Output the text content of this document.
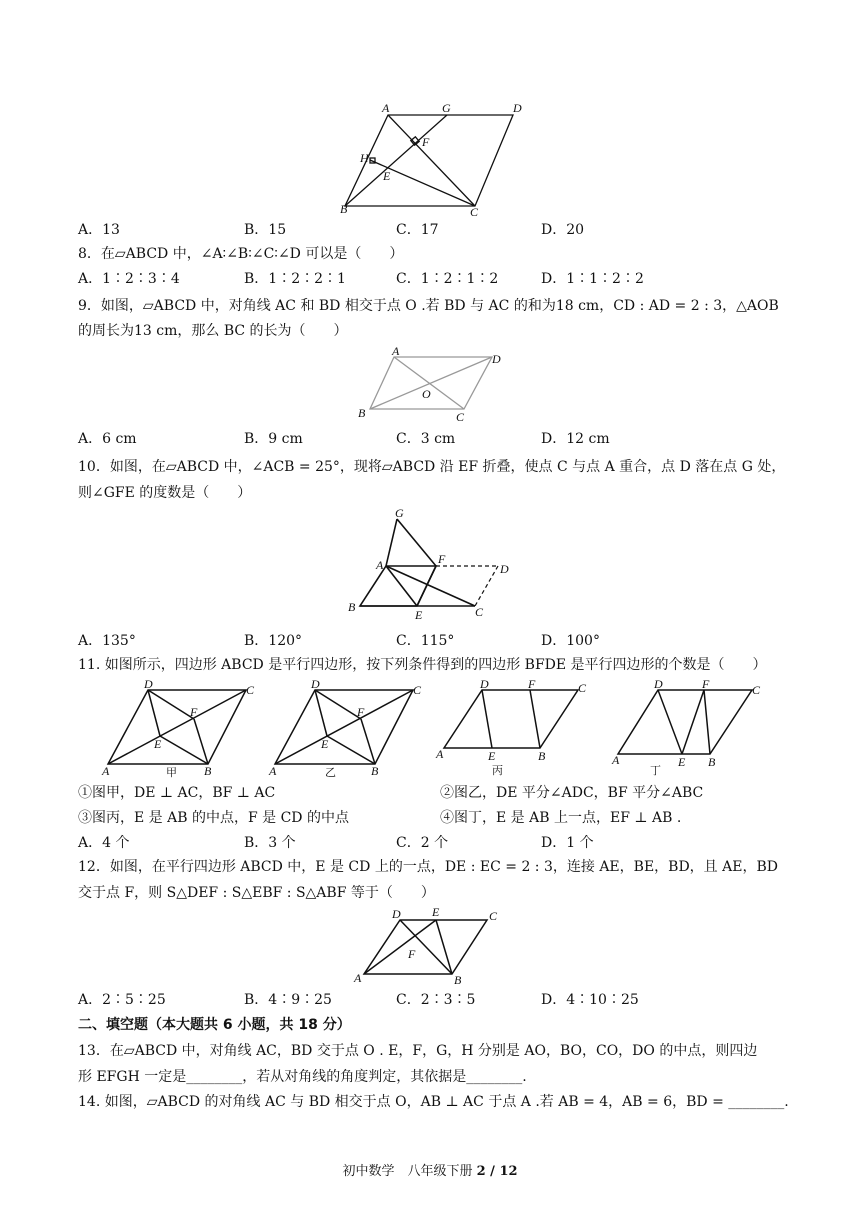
A	G	D
H
F
E
B	C
A．13	B．15	C．17	D．20
8．在▱ABCD 中，∠A∶∠B∶∠C∶∠D 可以是（　　）
A．1∶2∶3∶4	B．1∶2∶2∶1	C．1∶2∶1∶2	D．1∶1∶2∶2
9．如图，▱ABCD 中，对角线 AC 和 BD 相交于点 O .若 BD 与 AC 的和为18 cm，CD : AD = 2 : 3，△AOB
的周长为13 cm，那么 BC 的长为（　　）
A
D
O
B	C
A．6 cm	B．9 cm	C．3 cm	D．12 cm
10．如图，在▱ABCD 中，∠ACB = 25°，现将▱ABCD 沿 EF 折叠，使点 C 与点 A 重合，点 D 落在点 G 处，
则∠GFE 的度数是（　　）
G
A	F
D
B
E	C
A．135°	B．120°	C．115°	D．100°
11. 如图所示，四边形 ABCD 是平行四边形，按下列条件得到的四边形 BFDE 是平行四边形的个数是（　　）
D	C
F
E
A	B
甲
D	C
F
E
A	B
乙
D	F	C
A	E	B
丙
D	F	C
A	E B
丁
①图甲，DE ⊥ AC，BF ⊥ AC	②图乙，DE 平分∠ADC，BF 平分∠ABC
③图丙，E 是 AB 的中点，F 是 CD 的中点	④图丁，E 是 AB 上一点，EF ⊥ AB .
A．4 个	B．3 个	C．2 个	D．1 个
12．如图，在平行四边形 ABCD 中，E 是 CD 上的一点，DE : EC = 2 : 3，连接 AE，BE，BD，且 AE，BD
交于点 F，则 S△DEF : S△EBF : S△ABF 等于（　　）
D	E	C
F
A	B
A．2∶5∶25	B．4∶9∶25	C．2∶3∶5	D．4∶10∶25
二、填空题（本大题共 6 小题，共 18 分）
13．在▱ABCD 中，对角线 AC，BD 交于点 O . E，F，G，H 分别是 AO，BO，CO，DO 的中点，则四边
形 EFGH 一定是________，若从对角线的角度判定，其依据是________.
14. 如图，▱ABCD 的对角线 AC 与 BD 相交于点 O，AB ⊥ AC 于点 A .若 AB = 4，AB = 6，BD = ________.
初中数学　八年级下册 2 / 12
